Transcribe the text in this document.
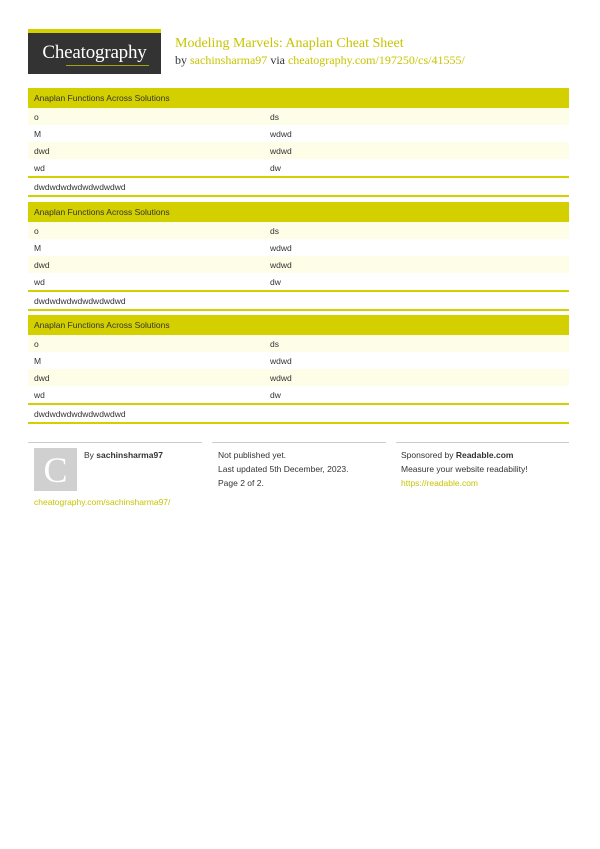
Cheatography Modeling Marvels: Anaplan Cheat Sheet
by sachinsharma97 via cheatography.com/197250/cs/41555/
Anaplan Functions Across Solutions
o	ds
M	wdwd
dwd	wdwd
wd	dw
dwdwdwdwdwdwdwdwd
Anaplan Functions Across Solutions
o	ds
M	wdwd
dwd	wdwd
wd	dw
dwdwdwdwdwdwdwdwd
Anaplan Functions Across Solutions
o	ds
M	wdwd
dwd	wdwd
wd	dw
dwdwdwdwdwdwdwdwd
C By sachinsharma97
cheatography.com/sachinsharma97/
Not published yet.
Last updated 5th December, 2023.
Page 2 of 2.
Sponsored by Readable.com
Measure your website readability!
https://readable.com
